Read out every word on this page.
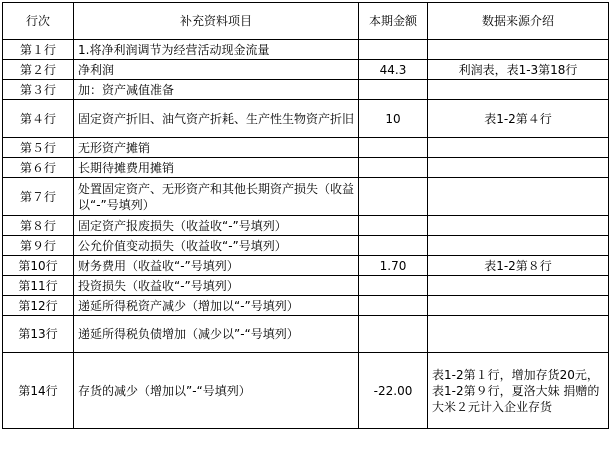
行次	补充资料项目	本期金额	数据来源介绍
第１行	1.将净利润调节为经营活动现金流量		
第２行	净利润	44.3	利润表，表1-3第18行
第３行	加：资产减值准备		
第４行	固定资产折旧、油气资产折耗、生产性生物资产折旧	10	表1-2第４行
第５行	无形资产摊销		
第６行	长期待摊费用摊销		
第７行	处置固定资产、无形资产和其他长期资产损失（收益以“-”号填列）		
第８行	固定资产报废损失（收益收“-”号填列）		
第９行	公允价值变动损失（收益收“-”号填列）		
第10行	财务费用（收益收“-”号填列）	1.70	表1-2第８行
第11行	投资损失（收益收“-”号填列）		
第12行	递延所得税资产减少（增加以“-”号填列）		
第13行	递延所得税负债增加（减少以”-“号填列）		
第14行	存货的减少（增加以”-“号填列）	-22.00	表1-2第１行，增加存货20元，表1-2第９行，夏洛大妹 捐赠的大米２元计入企业存货
